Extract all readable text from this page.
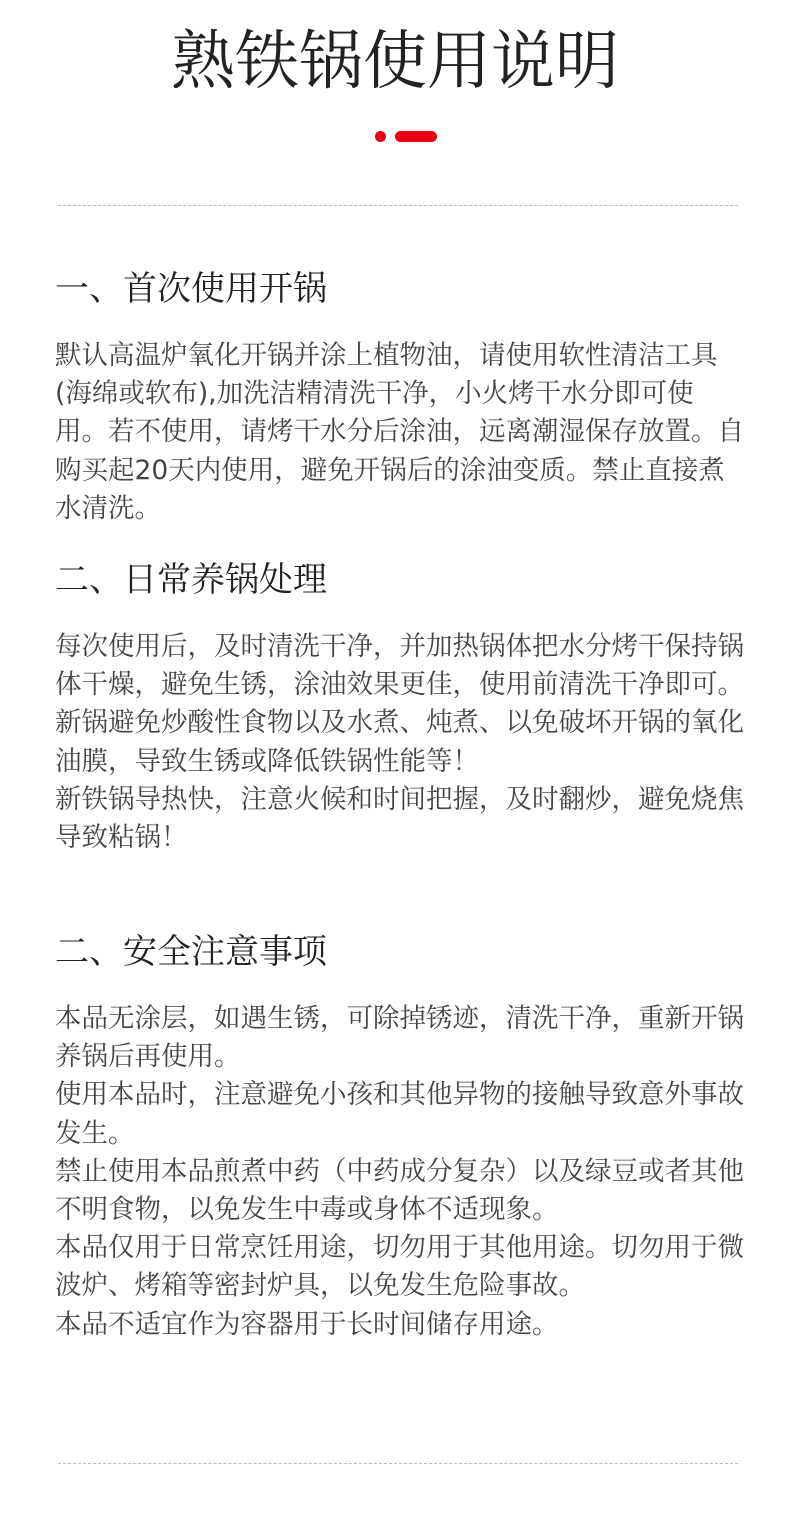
熟铁锅使用说明
一、首次使用开锅

默认高温炉氧化开锅并涂上植物油，请使用软性清洁工具(海绵或软布),加洗洁精清洗干净，小火烤干水分即可使用。若不使用，请烤干水分后涂油，远离潮湿保存放置。自购买起20天内使用，避免开锅后的涂油变质。禁止直接煮水清洗。

二、日常养锅处理

每次使用后，及时清洗干净，并加热锅体把水分烤干保持锅体干燥，避免生锈，涂油效果更佳，使用前清洗干净即可。

新锅避免炒酸性食物以及水煮、炖煮、以免破坏开锅的氧化油膜，导致生锈或降低铁锅性能等！

新铁锅导热快，注意火候和时间把握，及时翻炒，避免烧焦导致粘锅！

二、安全注意事项

本品无涂层，如遇生锈，可除掉锈迹，清洗干净，重新开锅养锅后再使用。

使用本品时，注意避免小孩和其他异物的接触导致意外事故发生。

禁止使用本品煎煮中药（中药成分复杂）以及绿豆或者其他不明食物，以免发生中毒或身体不适现象。

本品仅用于日常烹饪用途，切勿用于其他用途。切勿用于微波炉、烤箱等密封炉具，以免发生危险事故。

本品不适宜作为容器用于长时间储存用途。
